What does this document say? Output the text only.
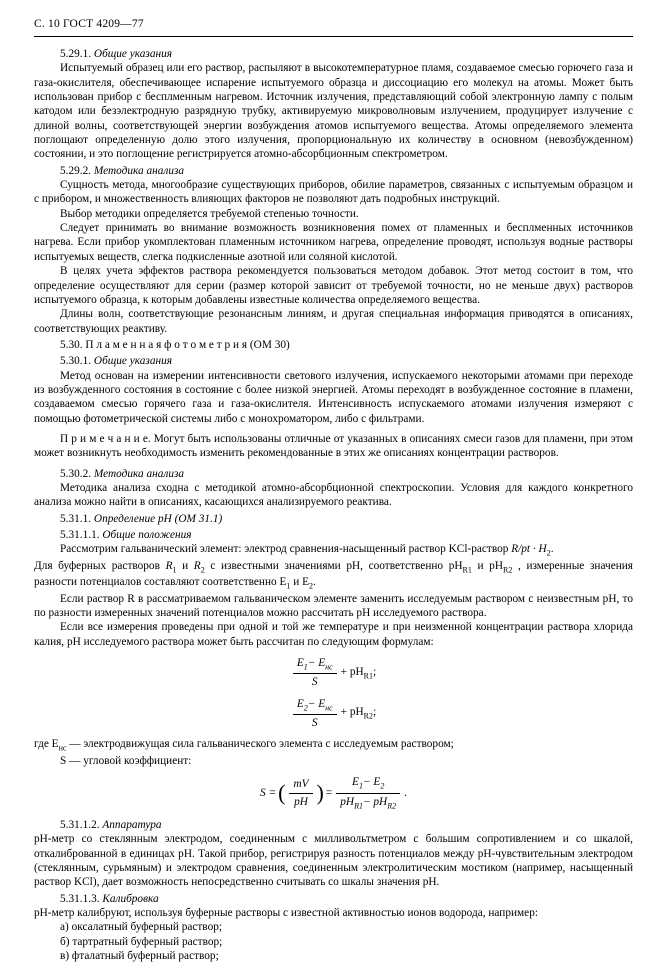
С. 10 ГОСТ 4209—77

5.29.1. Общие указания

Испытуемый образец или его раствор, распыляют в высокотемпературное пламя, создаваемое смесью горючего газа и газа-окислителя, обеспечивающее испарение испытуемого образца и диссоциацию его молекул на атомы. Может быть использован прибор с бесплменным нагревом. Источник излучения, представляющий собой электронную лампу с полым катодом или безэлектродную разрядную трубку, активируемую микроволновым излучением, продуцирует излучение с длиной волны, соответствующей энергии возбуждения атомов испытуемого вещества. Атомы определяемого элемента поглощают определенную долю этого излучения, пропорциональную их количеству в основном (невозбужденном) состоянии, и это поглощение регистрируется атомно-абсорбционным спектрометром.

5.29.2. Методика анализа

Сущность метода, многообразие существующих приборов, обилие параметров, связанных с испытуемым образцом и с прибором, и множественность влияющих факторов не позволяют дать подробных инструкций.

Выбор методики определяется требуемой степенью точности.

Следует принимать во внимание возможность возникновения помех от пламенных и бесплменных источников нагрева. Если прибор укомплектован пламенным источником нагрева, определение проводят, используя водные растворы испытуемых веществ, слегка подкисленные азотной или соляной кислотой.

В целях учета эффектов раствора рекомендуется пользоваться методом добавок. Этот метод состоит в том, что определение осуществляют для серии (размер которой зависит от требуемой точности, но не меньше двух) растворов испытуемого образца, к которым добавлены известные количества определяемого вещества.

Длины волн, соответствующие резонансным линиям, и другая специальная информация приводятся в описаниях, соответствующих реактиву.

5.30. П л а м е н н а я ф о т о м е т р и я (ОМ 30)

5.30.1. Общие указания

Метод основан на измерении интенсивности светового излучения, испускаемого некоторыми атомами при переходе из возбужденного состояния в состояние с более низкой энергией. Атомы переходят в возбужденное состояние в пламени, создаваемом смесью горячего газа и газа-окислителя. Интенсивность испускаемого атомами излучения измеряют с помощью фотометрической системы либо с монохроматором, либо с фильтрами.

П р и м е ч а н и е. Могут быть использованы отличные от указанных в описаниях смеси газов для пламени, при этом может возникнуть необходимость изменить рекомендованные в этих же описаниях концентрации растворов.

5.30.2. Методика анализа

Методика анализа сходна с методикой атомно-абсорбционной спектроскопии. Условия для каждого конкретного анализа можно найти в описаниях, касающихся анализируемого реактива.

5.31.1. Определение рН (ОМ 31.1)

5.31.1.1. Общие положения

Рассмотрим гальванический элемент: электрод сравнения-насыщенный раствор KCl-раствор $R/pt \cdot H_2$.

Для буферных растворов $R_1$ и $R_2$ с известными значениями рН, соответственно $рН_{R1}$ и $рН_{R2}$ , измеренные значения разности потенциалов составляют соответственно $E_1$ и $E_2$.

Если раствор R в рассматриваемом гальваническом элементе заменить исследуемым раствором с неизвестным рН, то по разности измеренных значений потенциалов можно рассчитать рН исследуемого раствора.

Если все измерения проведены при одной и той же температуре и при неизменной концентрации раствора хлорида калия, рН исследуемого раствора может быть рассчитан по следующим формулам:

$\frac{E_1- E_{нс}}{S} + pH_{R1}$;
$\frac{E_2- E_{нс}}{S} + pH_{R2}$;

где $E_{нс}$ — электродвижущая сила гальванического элемента с исследуемым раствором;

S — угловой коэффициент:

S = ( $\frac{mV}{pH}$ ) = $\frac{E_1- E_2}{pH_{R1}- pH_{R2}}$ .

5.31.1.2. Аппаратура

рН-метр со стеклянным электродом, соединенным с милливольтметром с большим сопротивлением и со шкалой, откалиброванной в единицах рН. Такой прибор, регистрируя разность потенциалов между рН-чувствительным электродом (стеклянным, сурьмяным) и электродом сравнения, соединенным электролитическим мостиком (например, насыщенный раствор KCl), дает возможность непосредственно считывать со шкалы значения рН.

5.31.1.3. Калибровка

рН-метр калибруют, используя буферные растворы с известной активностью ионов водорода, например:

а) оксалатный буферный раствор;

б) тартратный буферный раствор;

в) фталатный буферный раствор;
